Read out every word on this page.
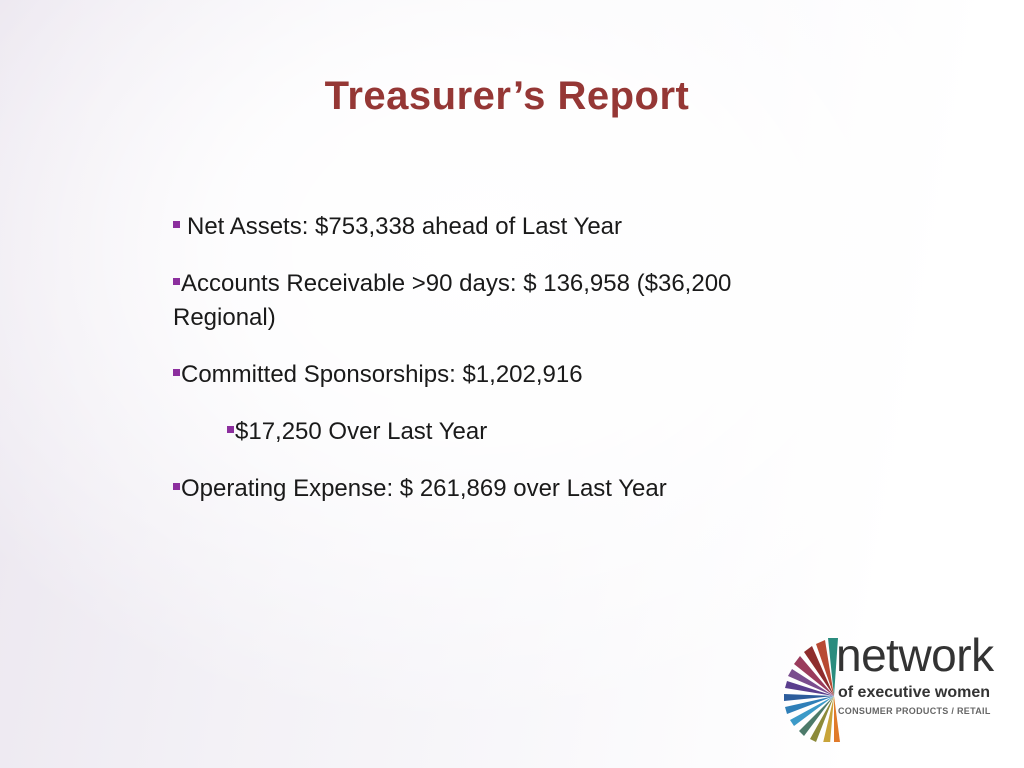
Treasurer’s Report
Net Assets: $753,338 ahead of Last Year
Accounts Receivable >90 days: $ 136,958 ($36,200 Regional)
Committed Sponsorships: $1,202,916
$17,250 Over Last Year
Operating Expense: $ 261,869 over Last Year
network
of executive women
CONSUMER PRODUCTS / RETAIL
